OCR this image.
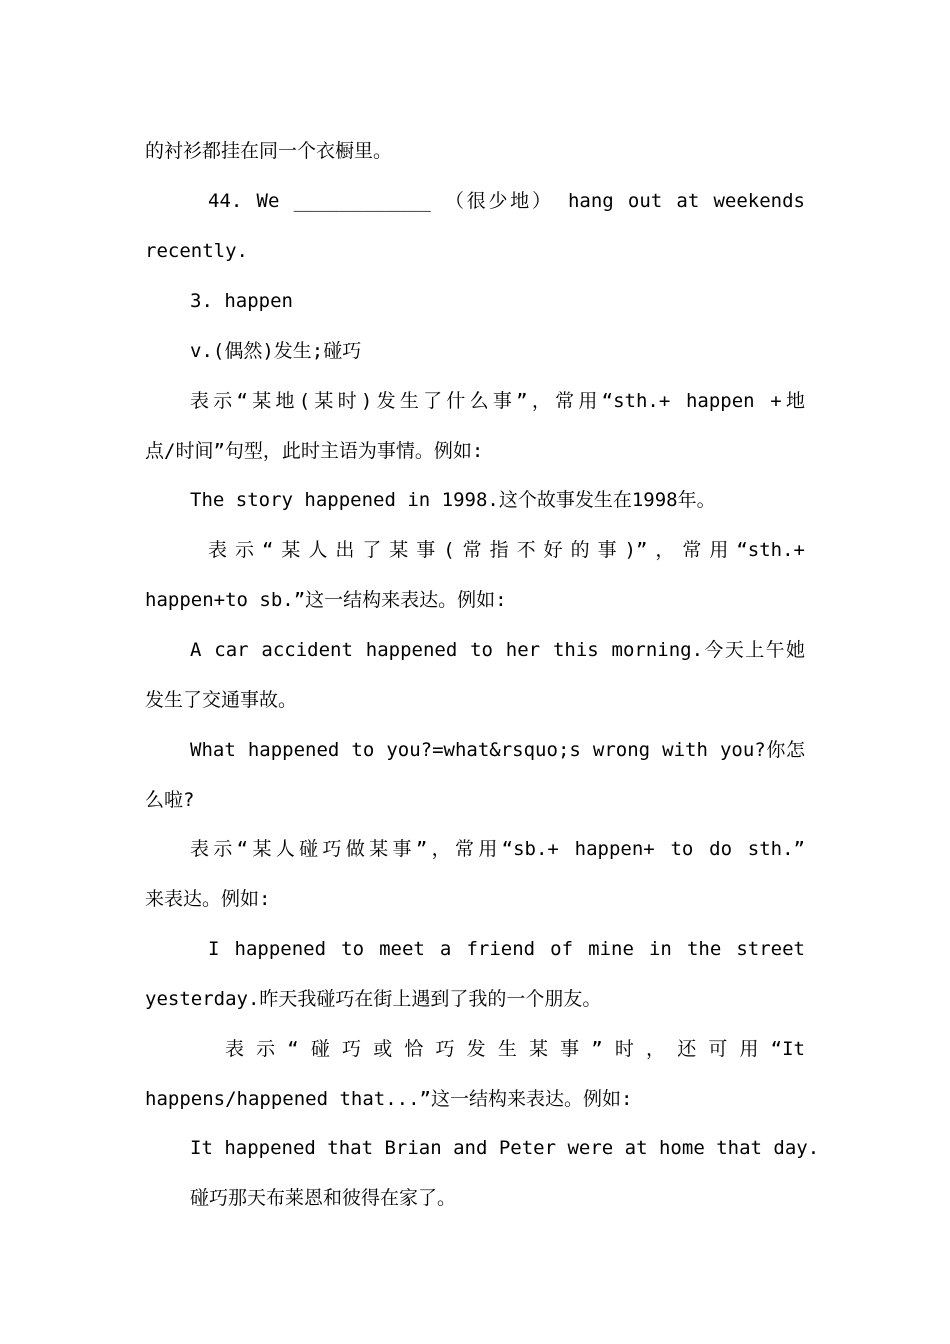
的衬衫都挂在同一个衣橱里。
44. We ____________ （很少地） hang out at weekends
recently.
3. happen
v.(偶然)发生;碰巧
表示“某地(某时)发生了什么事”，常用“sth.+ happen +地
点/时间”句型，此时主语为事情。例如:
The story happened in 1998.这个故事发生在1998年。
表示“某人出了某事(常指不好的事)”，常用“sth.+
happen+to sb.”这一结构来表达。例如:
A car accident happened to her this morning.今天上午她
发生了交通事故。
What happened to you?=what&rsquo;s wrong with you?你怎
么啦?
表示“某人碰巧做某事”，常用“sb.+ happen+ to do sth.”
来表达。例如:
I happened to meet a friend of mine in the street
yesterday.昨天我碰巧在街上遇到了我的一个朋友。
表示“碰巧或恰巧发生某事”时，还可用“It
happens/happened that...”这一结构来表达。例如:
It happened that Brian and Peter were at home that day.
碰巧那天布莱恩和彼得在家了。
